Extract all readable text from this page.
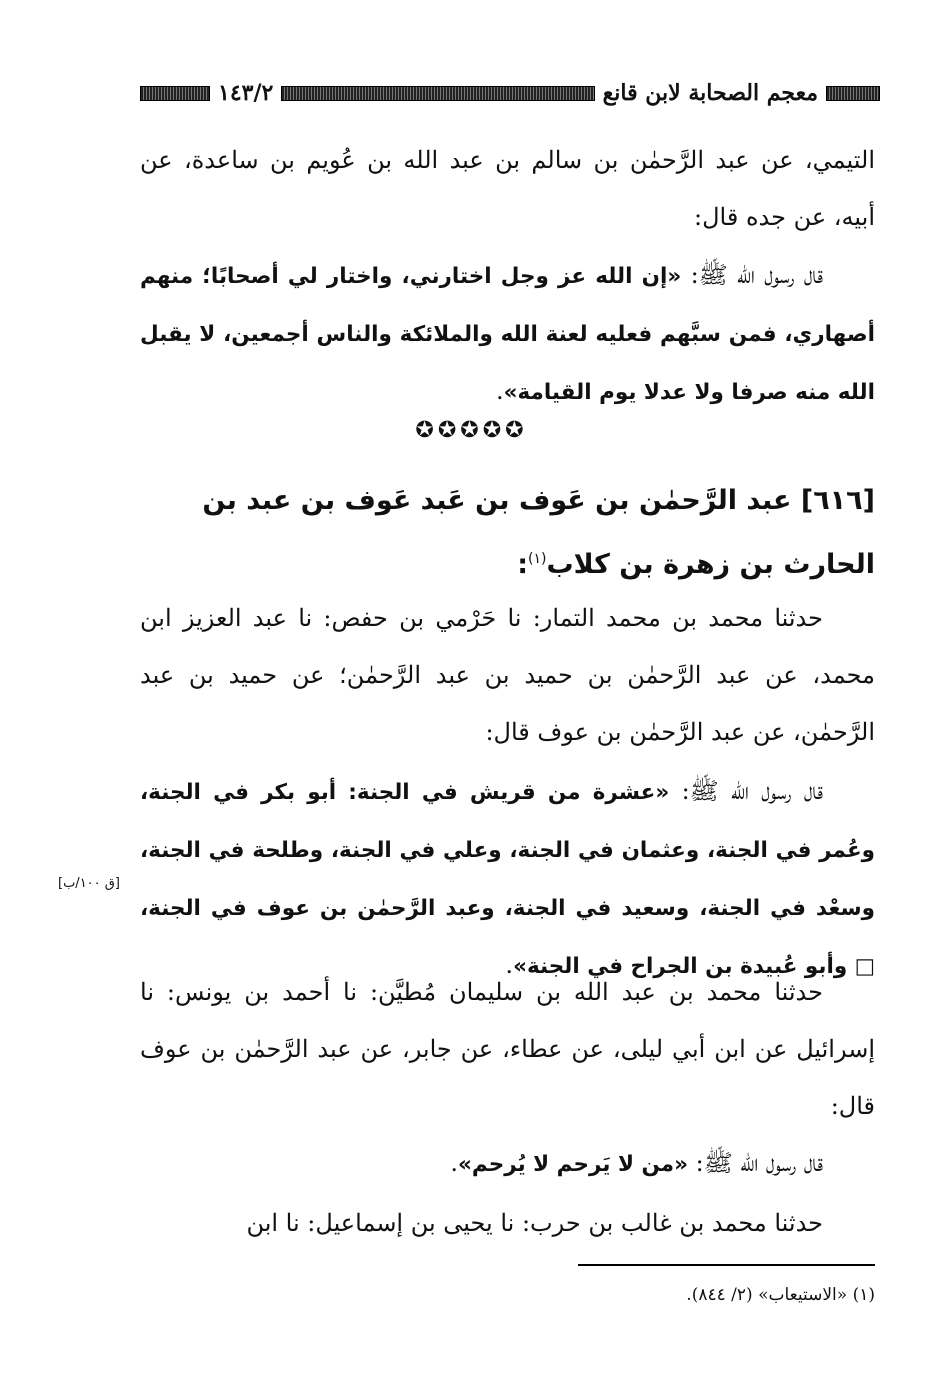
معجم الصحابة لابن قانع
١٤٣/٢
التيمي، عن عبد الرَّحمٰن بن سالم بن عبد الله بن عُويم بن ساعدة، عن أبيه، عن جده قال:
قال رسول الله ﷺ: «إن الله عز وجل اختارني، واختار لي أصحابًا؛ منهم أصهاري، فمن سبَّهم فعليه لعنة الله والملائكة والناس أجمعين، لا يقبل الله منه صرفا ولا عدلا يوم القيامة».
✪✪✪✪✪
[٦١٦] عبد الرَّحمٰن بن عَوف بن عَبد عَوف بن عبد بن الحارث بن زهرة بن كلاب$^{(١)}$:
حدثنا محمد بن محمد التمار: نا حَرْمي بن حفص: نا عبد العزيز ابن محمد، عن عبد الرَّحمٰن بن حميد بن عبد الرَّحمٰن؛ عن حميد بن عبد الرَّحمٰن، عن عبد الرَّحمٰن بن عوف قال:
قال رسول الله ﷺ: «عشرة من قريش في الجنة: أبو بكر في الجنة، وعُمر في الجنة، وعثمان في الجنة، وعلي في الجنة، وطلحة في الجنة، وسعْد في الجنة، وسعيد في الجنة، وعبد الرَّحمٰن بن عوف في الجنة، □ وأبو عُبيدة بن الجراح في الجنة».
[ق ١٠٠/ب]
حدثنا محمد بن عبد الله بن سليمان مُطيَّن: نا أحمد بن يونس: نا إسرائيل عن ابن أبي ليلى، عن عطاء، عن جابر، عن عبد الرَّحمٰن بن عوف قال:
قال رسول الله ﷺ: «من لا يَرحم لا يُرحم».
حدثنا محمد بن غالب بن حرب: نا يحيى بن إسماعيل: نا ابن
(١) «الاستيعاب» (٢/ ٨٤٤).
